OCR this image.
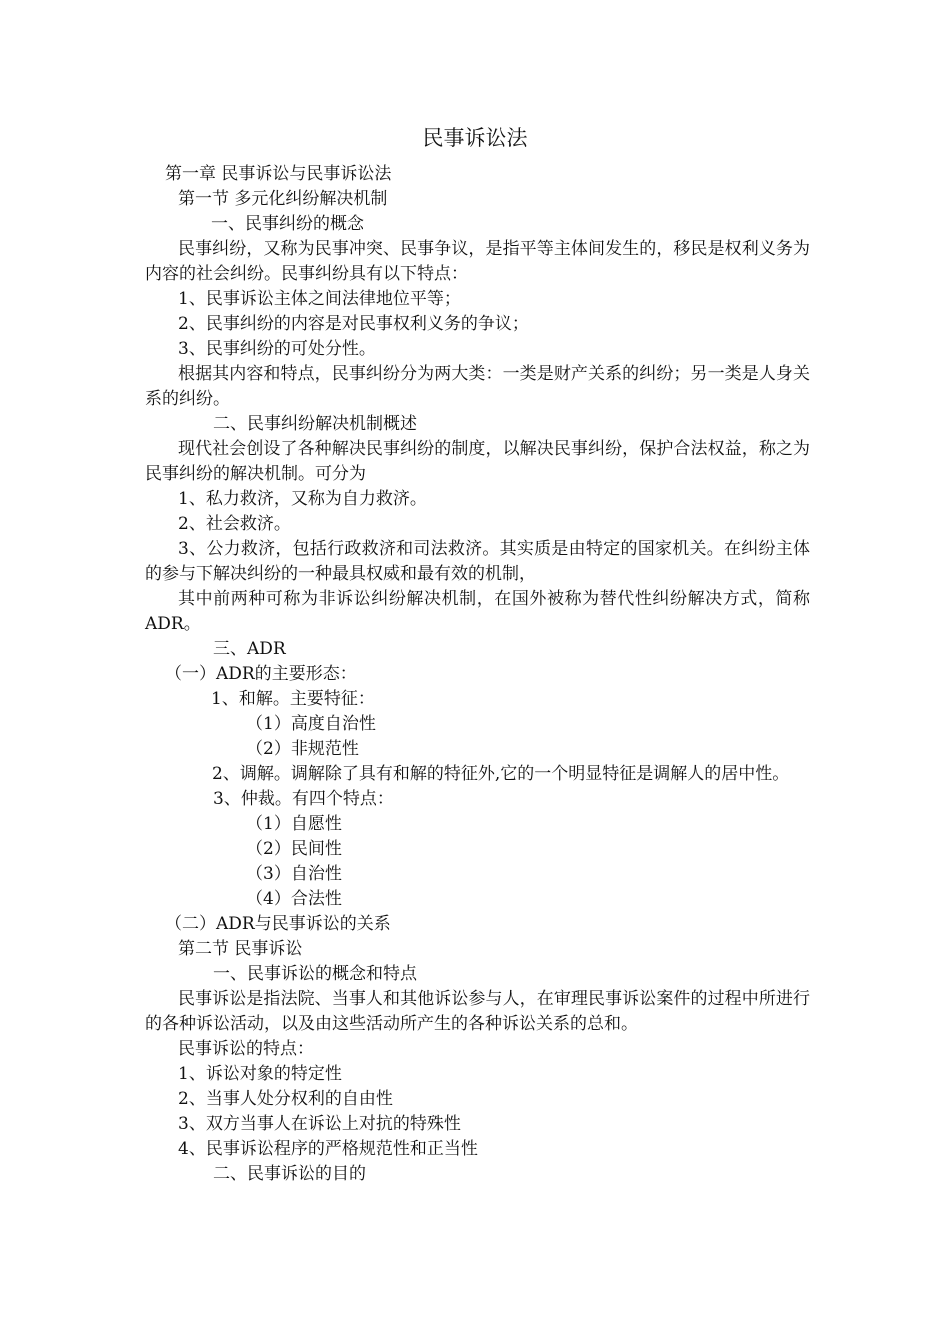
民事诉讼法

第一章 民事诉讼与民事诉讼法

第一节 多元化纠纷解决机制

一、民事纠纷的概念

民事纠纷，又称为民事冲突、民事争议，是指平等主体间发生的，移民是权利义务为内容的社会纠纷。民事纠纷具有以下特点：

1、民事诉讼主体之间法律地位平等；

2、民事纠纷的内容是对民事权利义务的争议；

3、民事纠纷的可处分性。

根据其内容和特点，民事纠纷分为两大类：一类是财产关系的纠纷；另一类是人身关系的纠纷。

二、民事纠纷解决机制概述

现代社会创设了各种解决民事纠纷的制度，以解决民事纠纷，保护合法权益，称之为民事纠纷的解决机制。可分为

1、私力救济，又称为自力救济。

2、社会救济。

3、公力救济，包括行政救济和司法救济。其实质是由特定的国家机关。在纠纷主体的参与下解决纠纷的一种最具权威和最有效的机制，

其中前两种可称为非诉讼纠纷解决机制，在国外被称为替代性纠纷解决方式，简称ADR。

三、ADR

（一）ADR的主要形态：

1、和解。主要特征：

（1）高度自治性

（2）非规范性

2、调解。调解除了具有和解的特征外,它的一个明显特征是调解人的居中性。

3、仲裁。有四个特点：

（1）自愿性

（2）民间性

（3）自治性

（4）合法性

（二）ADR与民事诉讼的关系

第二节 民事诉讼

一、民事诉讼的概念和特点

民事诉讼是指法院、当事人和其他诉讼参与人，在审理民事诉讼案件的过程中所进行的各种诉讼活动，以及由这些活动所产生的各种诉讼关系的总和。

民事诉讼的特点：

1、诉讼对象的特定性

2、当事人处分权利的自由性

3、双方当事人在诉讼上对抗的特殊性

4、民事诉讼程序的严格规范性和正当性

二、民事诉讼的目的
